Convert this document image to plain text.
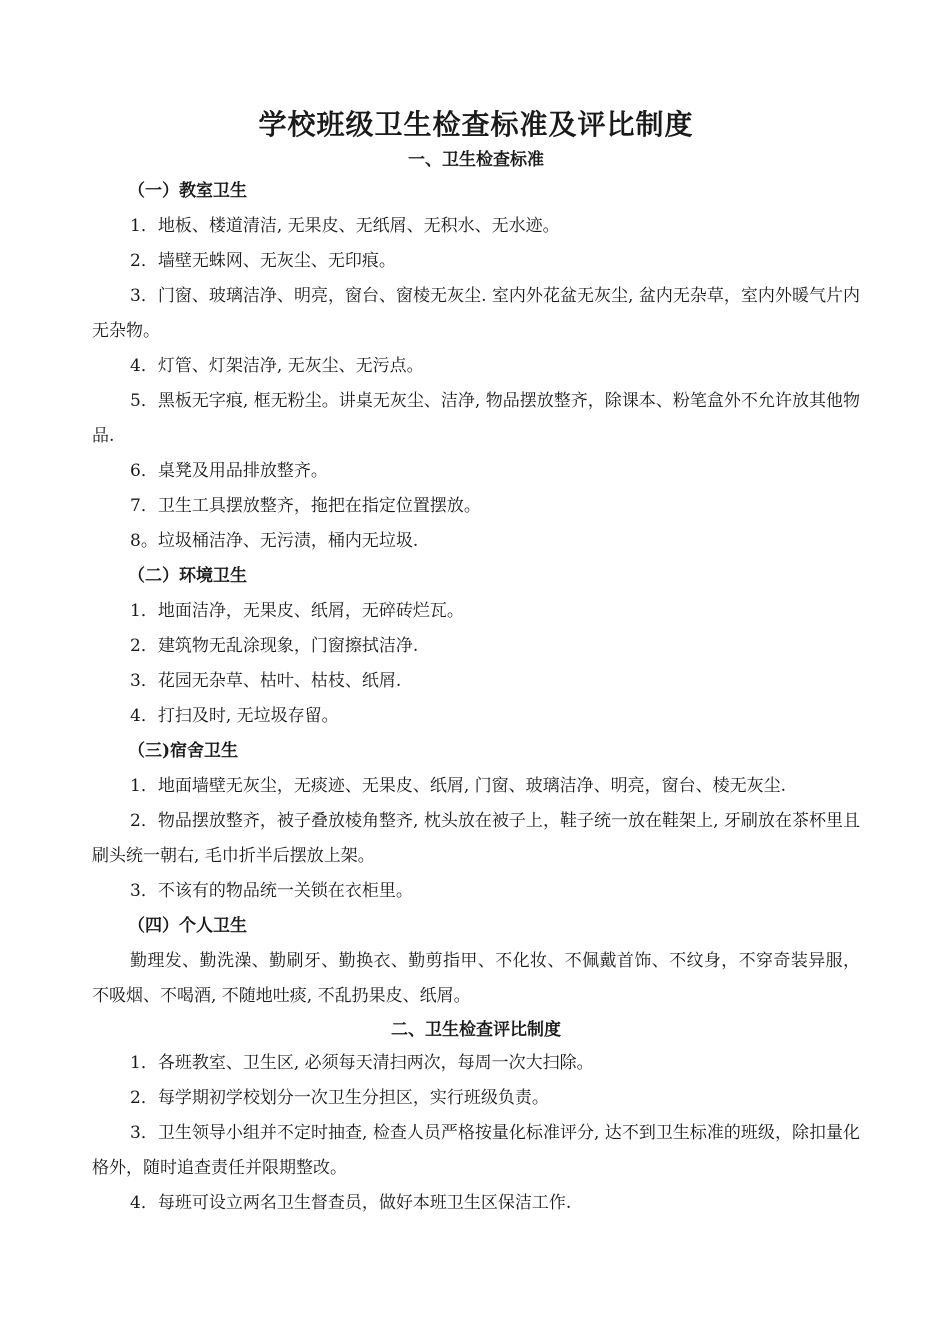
学校班级卫生检查标准及评比制度
一、卫生检查标准
（一）教室卫生

1．地板、楼道清洁, 无果皮、无纸屑、无积水、无水迹。

2．墙壁无蛛网、无灰尘、无印痕。

3．门窗、玻璃洁净、明亮，窗台、窗棱无灰尘. 室内外花盆无灰尘, 盆内无杂草，室内外暖气片内无杂物。

4．灯管、灯架洁净, 无灰尘、无污点。

5．黑板无字痕, 框无粉尘。讲桌无灰尘、洁净, 物品摆放整齐，除课本、粉笔盒外不允许放其他物品.

6．桌凳及用品排放整齐。

7．卫生工具摆放整齐，拖把在指定位置摆放。

8。垃圾桶洁净、无污渍，桶内无垃圾.

（二）环境卫生

1．地面洁净，无果皮、纸屑，无碎砖烂瓦。

2．建筑物无乱涂现象，门窗擦拭洁净.

3．花园无杂草、枯叶、枯枝、纸屑.

4．打扫及时, 无垃圾存留。

（三)宿舍卫生

1．地面墙壁无灰尘，无痰迹、无果皮、纸屑, 门窗、玻璃洁净、明亮，窗台、棱无灰尘.

2．物品摆放整齐，被子叠放棱角整齐, 枕头放在被子上，鞋子统一放在鞋架上, 牙刷放在茶杯里且刷头统一朝右, 毛巾折半后摆放上架。

3．不该有的物品统一关锁在衣柜里。

（四）个人卫生

勤理发、勤洗澡、勤刷牙、勤换衣、勤剪指甲、不化妆、不佩戴首饰、不纹身，不穿奇装异服，不吸烟、不喝酒, 不随地吐痰, 不乱扔果皮、纸屑。

二、卫生检查评比制度

1．各班教室、卫生区, 必须每天清扫两次，每周一次大扫除。

2．每学期初学校划分一次卫生分担区，实行班级负责。

3．卫生领导小组并不定时抽查, 检查人员严格按量化标准评分, 达不到卫生标准的班级，除扣量化格外，随时追查责任并限期整改。

4．每班可设立两名卫生督查员，做好本班卫生区保洁工作.
